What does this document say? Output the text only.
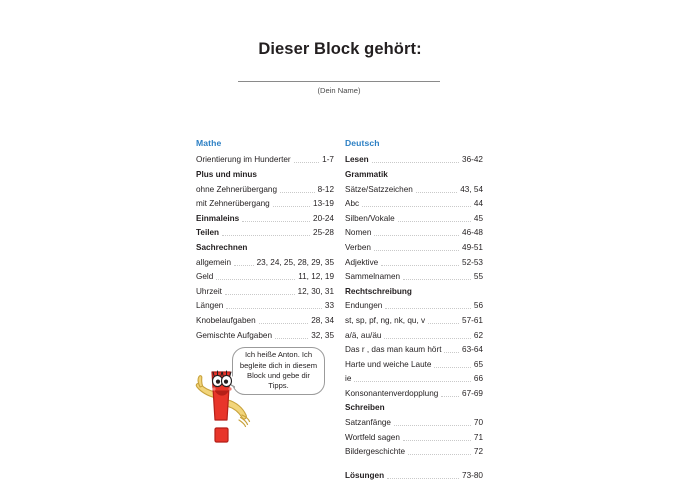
Dieser Block gehört:
(Dein Name)
Mathe
Orientierung im Hunderter	1-7
Plus und minus
ohne Zehnerübergang	8-12
mit Zehnerübergang	13-19
Einmaleins	20-24
Teilen	25-28
Sachrechnen
allgemein	23, 24, 25, 28, 29, 35
Geld	11, 12, 19
Uhrzeit	12, 30, 31
Längen	33
Knobelaufgaben	28, 34
Gemischte Aufgaben	32, 35
Deutsch
Lesen	36-42
Grammatik
Sätze/Satzzeichen	43, 54
Abc	44
Silben/Vokale	45
Nomen	46-48
Verben	49-51
Adjektive	52-53
Sammelnamen	55
Rechtschreibung
Endungen	56
st, sp, pf, ng, nk, qu, v	57-61
a/ä, au/äu	62
Das r , das man kaum hört	63-64
Harte und weiche Laute	65
ie	66
Konsonantenverdopplung	67-69
Schreiben
Satzanfänge	70
Wortfeld sagen	71
Bildergeschichte	72
Lösungen	73-80
Ich heiße Anton. Ich begleite dich in diesem Block und gebe dir Tipps.
